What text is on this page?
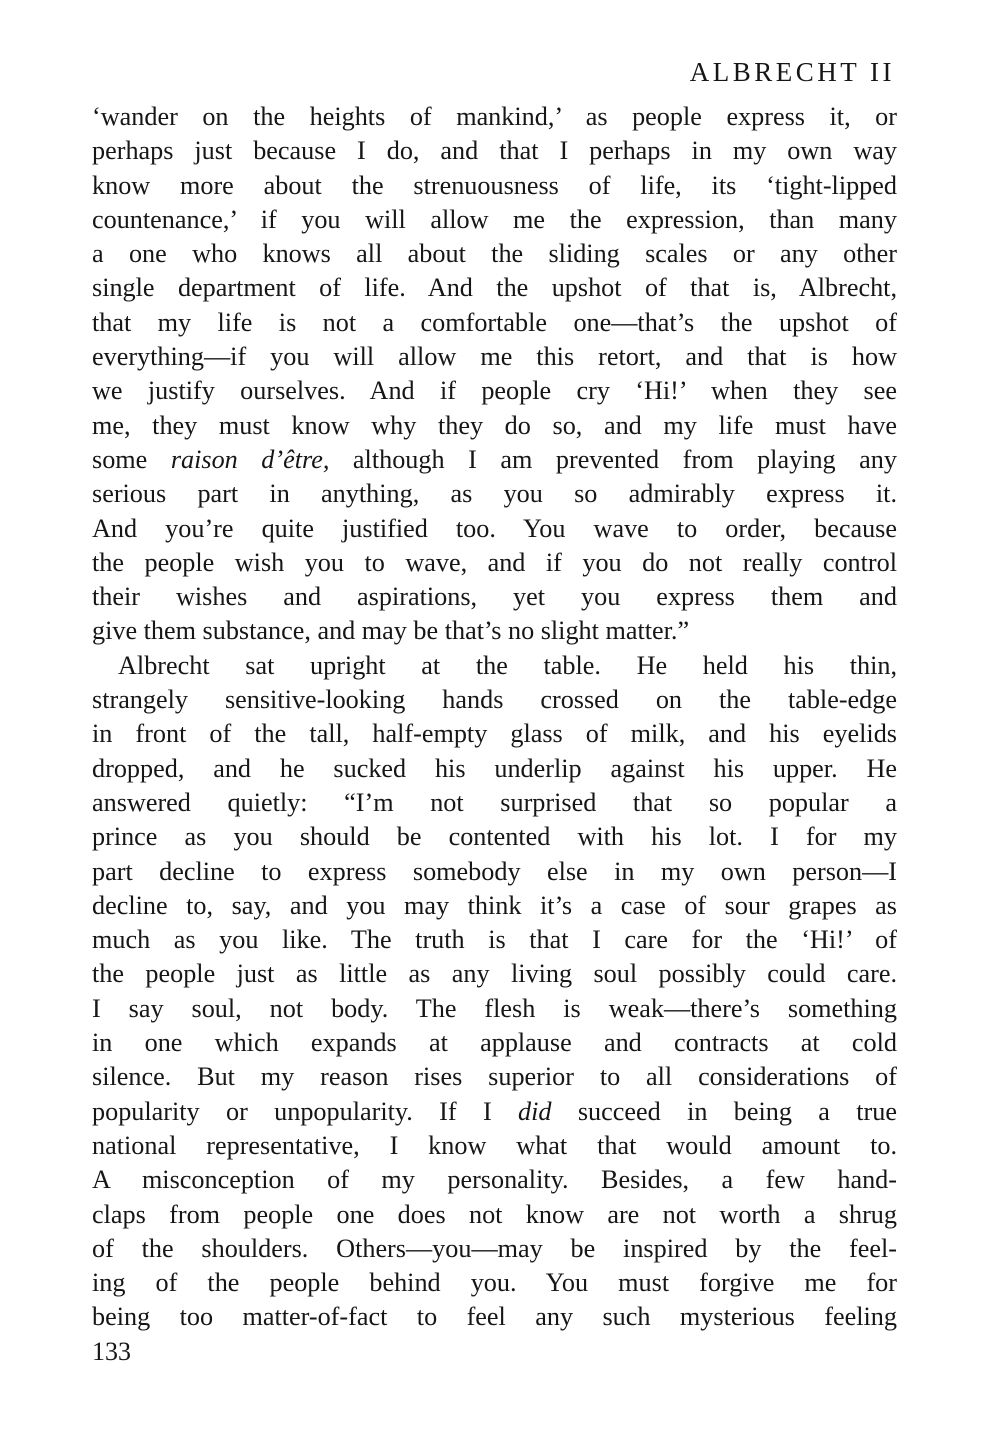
ALBRECHT II
‘wander on the heights of mankind,’ as people express it, or
perhaps just because I do, and that I perhaps in my own way
know more about the strenuousness of life, its ‘tight-lipped
countenance,’ if you will allow me the expression, than many
a one who knows all about the sliding scales or any other
single department of life. And the upshot of that is, Albrecht,
that my life is not a comfortable one—that’s the upshot of
everything—if you will allow me this retort, and that is how
we justify ourselves. And if people cry ‘Hi!’ when they see
me, they must know why they do so, and my life must have
some raison d’être, although I am prevented from playing any
serious part in anything, as you so admirably express it.
And you’re quite justified too. You wave to order, because
the people wish you to wave, and if you do not really control
their wishes and aspirations, yet you express them and
give them substance, and may be that’s no slight matter.”
Albrecht sat upright at the table. He held his thin,
strangely sensitive-looking hands crossed on the table-edge
in front of the tall, half-empty glass of milk, and his eyelids
dropped, and he sucked his underlip against his upper. He
answered quietly: “I’m not surprised that so popular a
prince as you should be contented with his lot. I for my
part decline to express somebody else in my own person—I
decline to, say, and you may think it’s a case of sour grapes as
much as you like. The truth is that I care for the ‘Hi!’ of
the people just as little as any living soul possibly could care.
I say soul, not body. The flesh is weak—there’s something
in one which expands at applause and contracts at cold
silence. But my reason rises superior to all considerations of
popularity or unpopularity. If I did succeed in being a true
national representative, I know what that would amount to.
A misconception of my personality. Besides, a few hand-
claps from people one does not know are not worth a shrug
of the shoulders. Others—you—may be inspired by the feel-
ing of the people behind you. You must forgive me for
being too matter-of-fact to feel any such mysterious feeling
133
